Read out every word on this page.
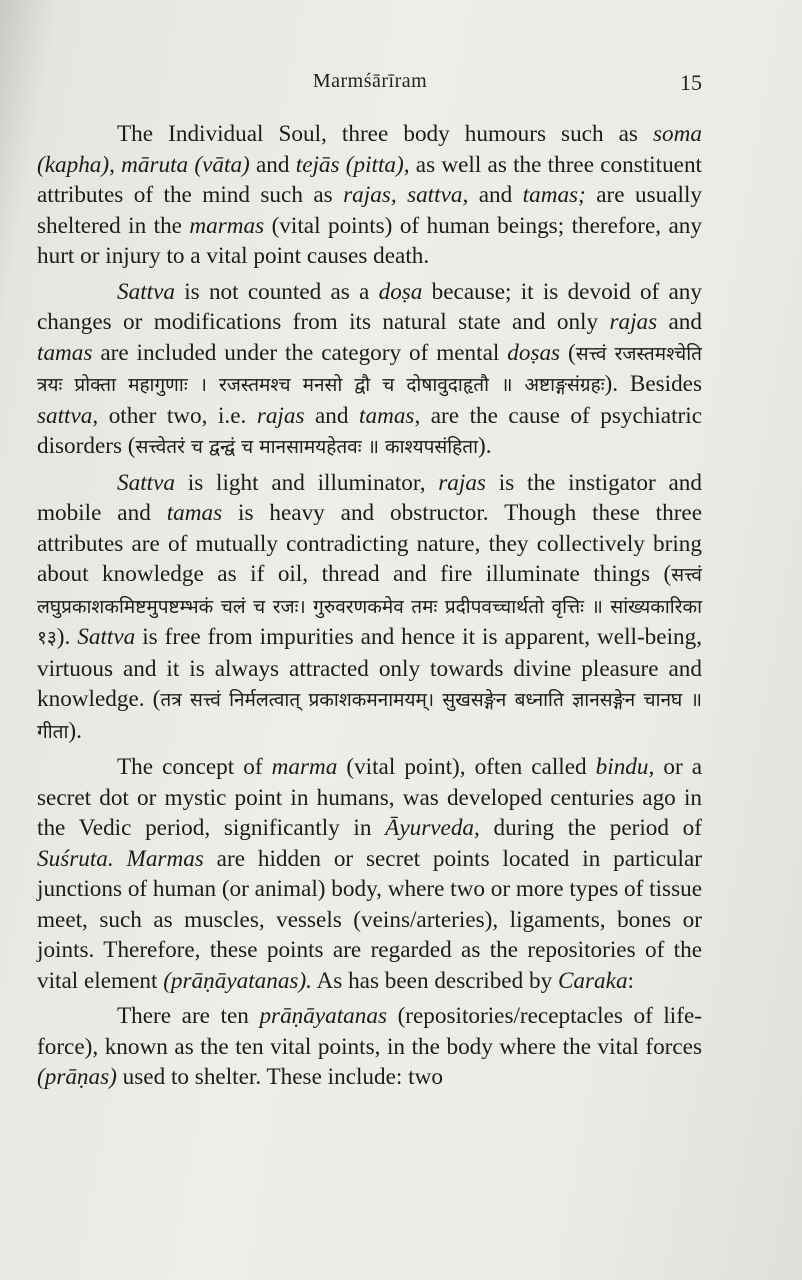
Marmśārīram	15

The Individual Soul, three body humours such as soma (kapha), māruta (vāta) and tejās (pitta), as well as the three constituent attributes of the mind such as rajas, sattva, and tamas; are usually sheltered in the marmas (vital points) of human beings; therefore, any hurt or injury to a vital point causes death.

Sattva is not counted as a doṣa because; it is devoid of any changes or modifications from its natural state and only rajas and tamas are included under the category of mental doṣas (सत्त्वं रजस्तमश्चेति त्रयः प्रोक्ता महागुणाः । रजस्तमश्च मनसो द्वौ च दोषावुदाहृतौ ॥ अष्टाङ्गसंग्रहः). Besides sattva, other two, i.e. rajas and tamas, are the cause of psychiatric disorders (सत्त्वेतरं च द्वन्द्वं च मानसामयहेतवः ॥ काश्यपसंहिता).

Sattva is light and illuminator, rajas is the instigator and mobile and tamas is heavy and obstructor. Though these three attributes are of mutually contradicting nature, they collectively bring about knowledge as if oil, thread and fire illuminate things (सत्त्वं लघुप्रकाशकमिष्टमुपष्टम्भकं चलं च रजः। गुरुवरणकमेव तमः प्रदीपवच्चार्थतो वृत्तिः ॥ सांख्यकारिका १३). Sattva is free from impurities and hence it is apparent, well-being, virtuous and it is always attracted only towards divine pleasure and knowledge. (तत्र सत्त्वं निर्मलत्वात् प्रकाशकमनामयम्। सुखसङ्गेन बध्नाति ज्ञानसङ्गेन चानघ ॥ गीता).

The concept of marma (vital point), often called bindu, or a secret dot or mystic point in humans, was developed centuries ago in the Vedic period, significantly in Āyurveda, during the period of Suśruta. Marmas are hidden or secret points located in particular junctions of human (or animal) body, where two or more types of tissue meet, such as muscles, vessels (veins/arteries), ligaments, bones or joints. Therefore, these points are regarded as the repositories of the vital element (prāṇāyatanas). As has been described by Caraka:

There are ten prāṇāyatanas (repositories/receptacles of life-force), known as the ten vital points, in the body where the vital forces (prāṇas) used to shelter. These include: two
